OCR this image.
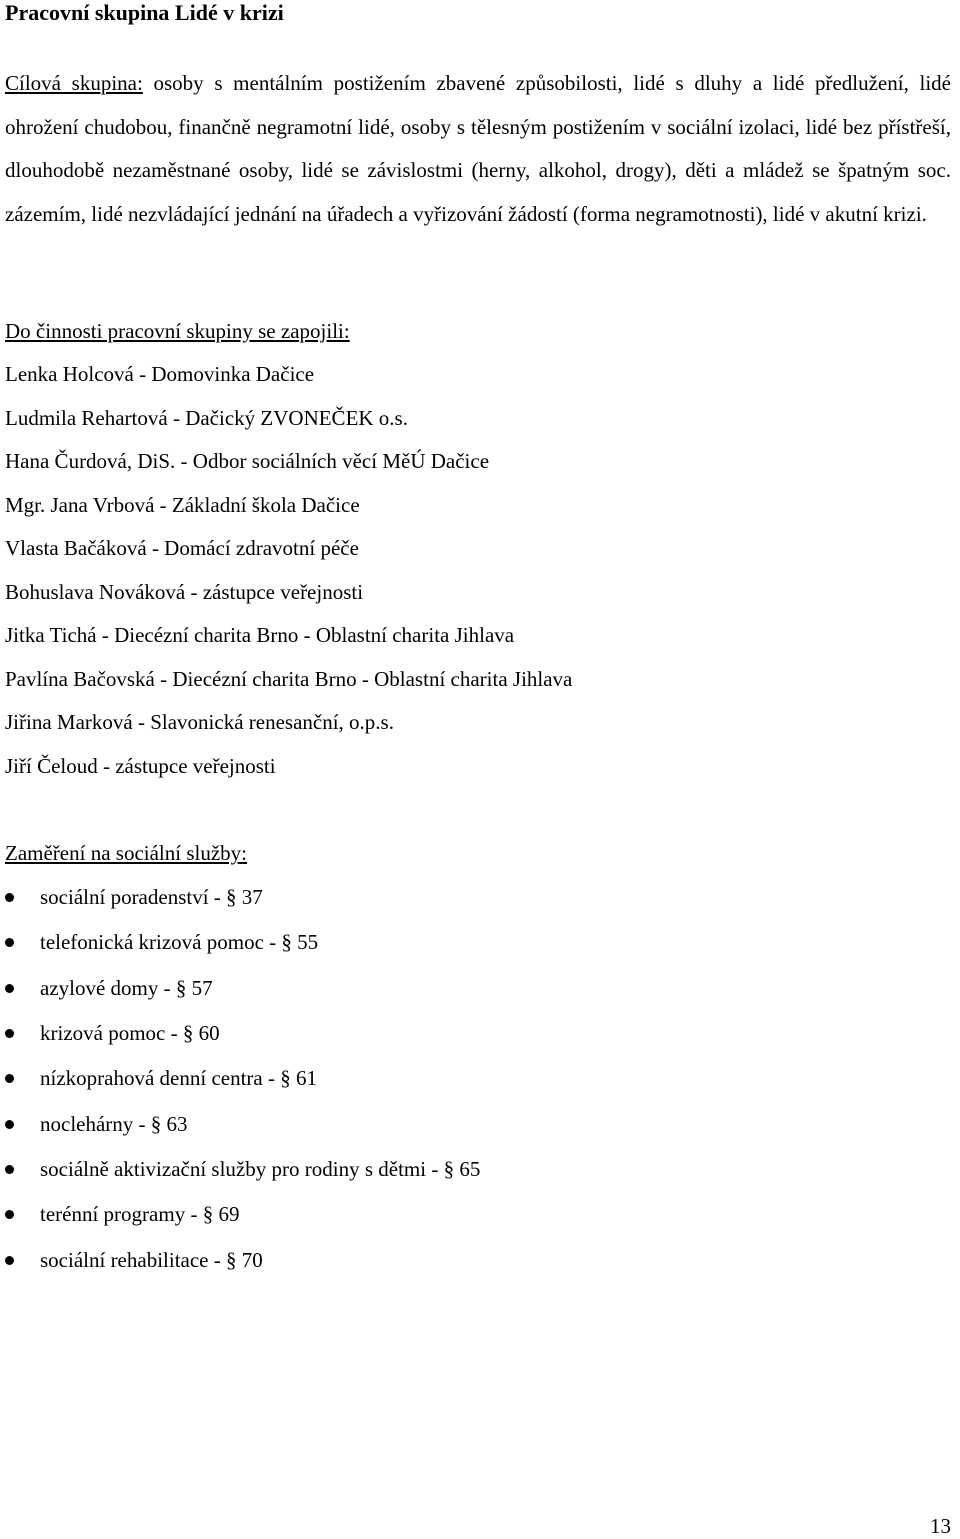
Pracovní skupina Lidé v krizi

Cílová skupina: osoby s mentálním postižením zbavené způsobilosti, lidé s dluhy a lidé předlužení, lidé ohrožení chudobou, finančně negramotní lidé, osoby s tělesným postižením v sociální izolaci, lidé bez přístřeší, dlouhodobě nezaměstnané osoby, lidé se závislostmi (herny, alkohol, drogy), děti a mládež se špatným soc. zázemím, lidé nezvládající jednání na úřadech a vyřizování žádostí (forma negramotnosti), lidé v akutní krizi.

Do činnosti pracovní skupiny se zapojili:
Lenka Holcová - Domovinka Dačice
Ludmila Rehartová - Dačický ZVONEČEK o.s.
Hana Čurdová, DiS. - Odbor sociálních věcí MěÚ Dačice
Mgr. Jana Vrbová - Základní škola Dačice
Vlasta Bačáková - Domácí zdravotní péče
Bohuslava Nováková - zástupce veřejnosti
Jitka Tichá - Diecézní charita Brno - Oblastní charita Jihlava
Pavlína Bačovská - Diecézní charita Brno - Oblastní charita Jihlava
Jiřina Marková - Slavonická renesanční, o.p.s.
Jiří Čeloud - zástupce veřejnosti
Zaměření na sociální služby:
sociální poradenství - § 37
telefonická krizová pomoc - § 55
azylové domy - § 57
krizová pomoc - § 60
nízkoprahová denní centra - § 61
noclehárny - § 63
sociálně aktivizační služby pro rodiny s dětmi - § 65
terénní programy - § 69
sociální rehabilitace - § 70
13
